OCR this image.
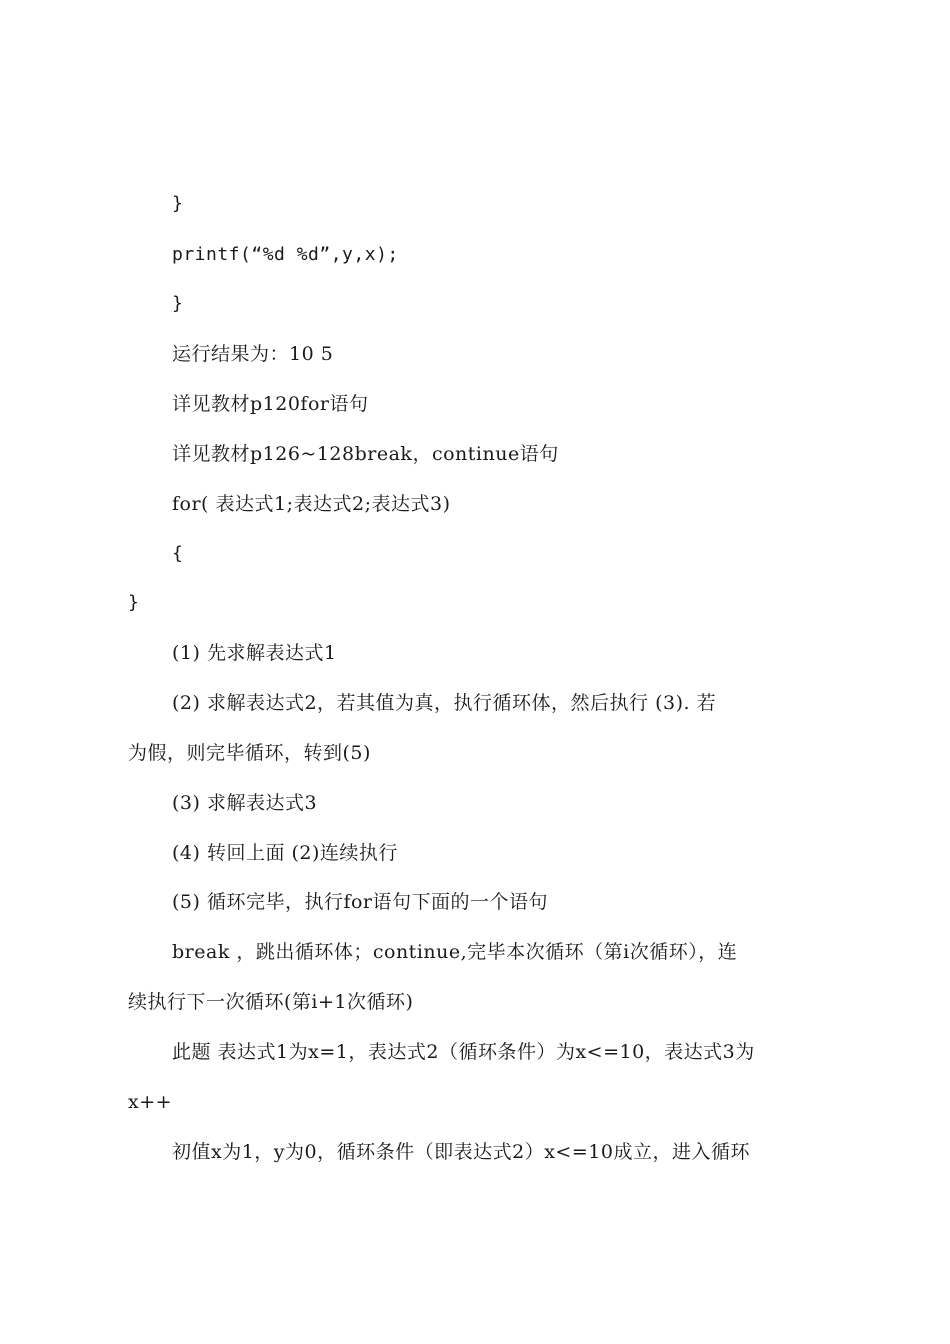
}
printf(“%d %d”,y,x);
}
运行结果为：10 5
详见教材p120for语句
详见教材p126~128break，continue语句
for( 表达式1;表达式2;表达式3)
{
}
(1) 先求解表达式1
(2) 求解表达式2，若其值为真，执行循环体，然后执行 (3). 若
为假，则完毕循环，转到(5)
(3) 求解表达式3
(4) 转回上面 (2)连续执行
(5) 循环完毕，执行for语句下面的一个语句
break ，跳出循环体；continue,完毕本次循环（第i次循环），连
续执行下一次循环(第i+1次循环)
此题 表达式1为x=1，表达式2（循环条件）为x<=10，表达式3为
x++
初值x为1，y为0，循环条件（即表达式2）x<=10成立，进入循环
